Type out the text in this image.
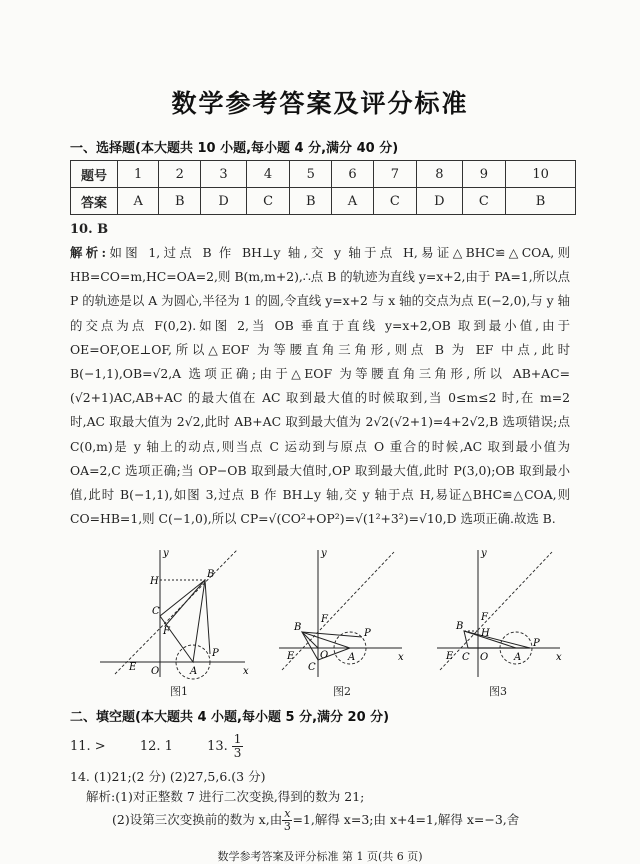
数学参考答案及评分标准
一、选择题(本大题共 10 小题,每小题 4 分,满分 40 分)
题号	1	2	3	4	5	6	7	8	9	10
答案	A	B	D	C	B	A	C	D	C	B
10. B
解析:如图 1,过点 B 作 BH⊥y 轴,交 y 轴于点 H,易证△BHC≌△COA,则 HB=CO=m,HC=OA=2,则 B(m,m+2),∴点 B 的轨迹为直线 y=x+2,由于 PA=1,所以点 P 的轨迹是以 A 为圆心,半径为 1 的圆,令直线 y=x+2 与 x 轴的交点为点 E(−2,0),与 y 轴的交点为点 F(0,2).如图 2,当 OB 垂直于直线 y=x+2,OB 取到最小值,由于 OE=OF,OE⊥OF,所以△EOF 为等腰直角三角形,则点 B 为 EF 中点,此时 B(−1,1),OB=√2,A 选项正确;由于△EOF 为等腰直角三角形,所以 AB+AC=(√2+1)AC,AB+AC 的最大值在 AC 取到最大值的时候取到,当 0≤m≤2 时,在 m=2 时,AC 取最大值为 2√2,此时 AB+AC 取到最大值为 2√2(√2+1)=4+2√2,B 选项错误;点 C(0,m)是 y 轴上的动点,则当点 C 运动到与原点 O 重合的时候,AC 取到最小值为 OA=2,C 选项正确;当 OP−OB 取到最大值时,OP 取到最大值,此时 P(3,0);OB 取到最小值,此时 B(−1,1),如图 3,过点 B 作 BH⊥y 轴,交 y 轴于点 H,易证△BHC≌△COA,则 CO=HB=1,则 C(−1,0),所以 CP=√(CO²+OP²)=√(1²+3²)=√10,D 选项正确.故选 B.
y
x
B
H
C
F
O	A
P
E
y
x
B
F
C
O A
P
E
y
x
B
H
F
C O	A
P
E
图1	图2	图3
二、填空题(本大题共 4 小题,每小题 5 分,满分 20 分)
11. >	12. 1	13. $\frac{1}{3}$
14. (1)21;(2 分) (2)27,5,6.(3 分)
解析:(1)对正整数 7 进行二次变换,得到的数为 21;
(2)设第三次变换前的数为 x,由 $\frac{x}{3} =1$,解得 x=3;由 x+4=1,解得 x=−3,舍
数学参考答案及评分标准 第 1 页(共 6 页)
